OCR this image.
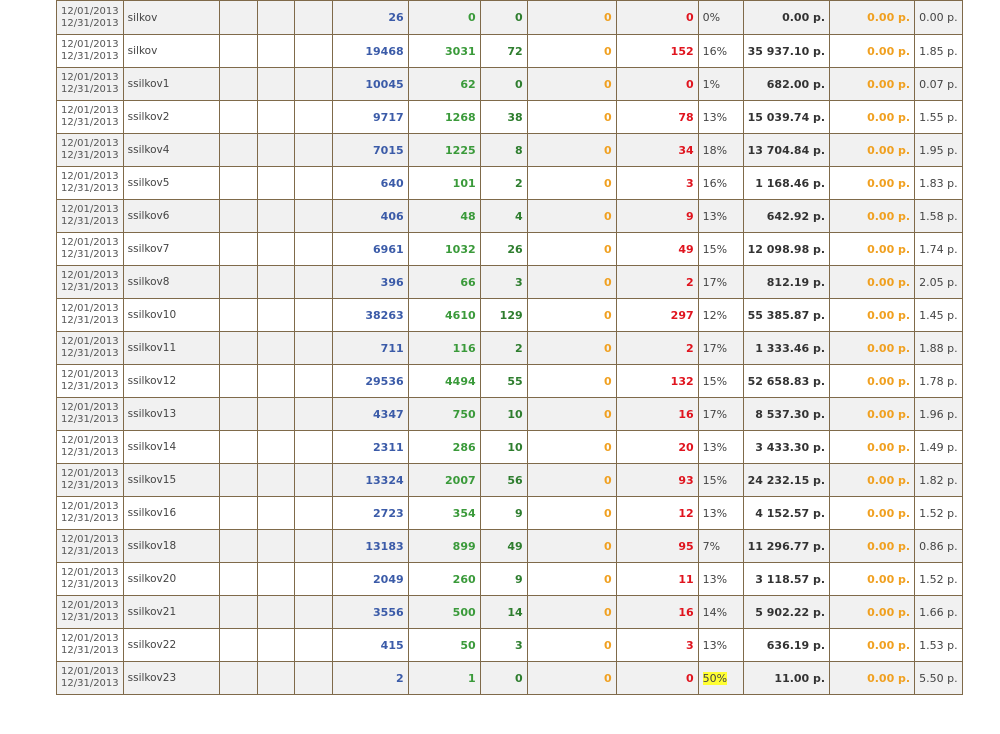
12/01/2013
12/31/2013	silkov				26	0	0	0	0	0%	0.00 р.	0.00 р.	0.00 р.

12/01/2013
12/31/2013	silkov				19468	3031	72	0	152	16%	35 937.10 р.	0.00 р.	1.85 р.

12/01/2013
12/31/2013	ssilkov1				10045	62	0	0	0	1%	682.00 р.	0.00 р.	0.07 р.

12/01/2013
12/31/2013	ssilkov2				9717	1268	38	0	78	13%	15 039.74 р.	0.00 р.	1.55 р.

12/01/2013
12/31/2013	ssilkov4				7015	1225	8	0	34	18%	13 704.84 р.	0.00 р.	1.95 р.

12/01/2013
12/31/2013	ssilkov5				640	101	2	0	3	16%	1 168.46 р.	0.00 р.	1.83 р.

12/01/2013
12/31/2013	ssilkov6				406	48	4	0	9	13%	642.92 р.	0.00 р.	1.58 р.

12/01/2013
12/31/2013	ssilkov7				6961	1032	26	0	49	15%	12 098.98 р.	0.00 р.	1.74 р.

12/01/2013
12/31/2013	ssilkov8				396	66	3	0	2	17%	812.19 р.	0.00 р.	2.05 р.

12/01/2013
12/31/2013	ssilkov10				38263	4610	129	0	297	12%	55 385.87 р.	0.00 р.	1.45 р.

12/01/2013
12/31/2013	ssilkov11				711	116	2	0	2	17%	1 333.46 р.	0.00 р.	1.88 р.

12/01/2013
12/31/2013	ssilkov12				29536	4494	55	0	132	15%	52 658.83 р.	0.00 р.	1.78 р.

12/01/2013
12/31/2013	ssilkov13				4347	750	10	0	16	17%	8 537.30 р.	0.00 р.	1.96 р.

12/01/2013
12/31/2013	ssilkov14				2311	286	10	0	20	13%	3 433.30 р.	0.00 р.	1.49 р.

12/01/2013
12/31/2013	ssilkov15				13324	2007	56	0	93	15%	24 232.15 р.	0.00 р.	1.82 р.

12/01/2013
12/31/2013	ssilkov16				2723	354	9	0	12	13%	4 152.57 р.	0.00 р.	1.52 р.

12/01/2013
12/31/2013	ssilkov18				13183	899	49	0	95	7%	11 296.77 р.	0.00 р.	0.86 р.

12/01/2013
12/31/2013	ssilkov20				2049	260	9	0	11	13%	3 118.57 р.	0.00 р.	1.52 р.

12/01/2013
12/31/2013	ssilkov21				3556	500	14	0	16	14%	5 902.22 р.	0.00 р.	1.66 р.

12/01/2013
12/31/2013	ssilkov22				415	50	3	0	3	13%	636.19 р.	0.00 р.	1.53 р.

12/01/2013
12/31/2013	ssilkov23				2	1	0	0	0	50%	11.00 р.	0.00 р.	5.50 р.
